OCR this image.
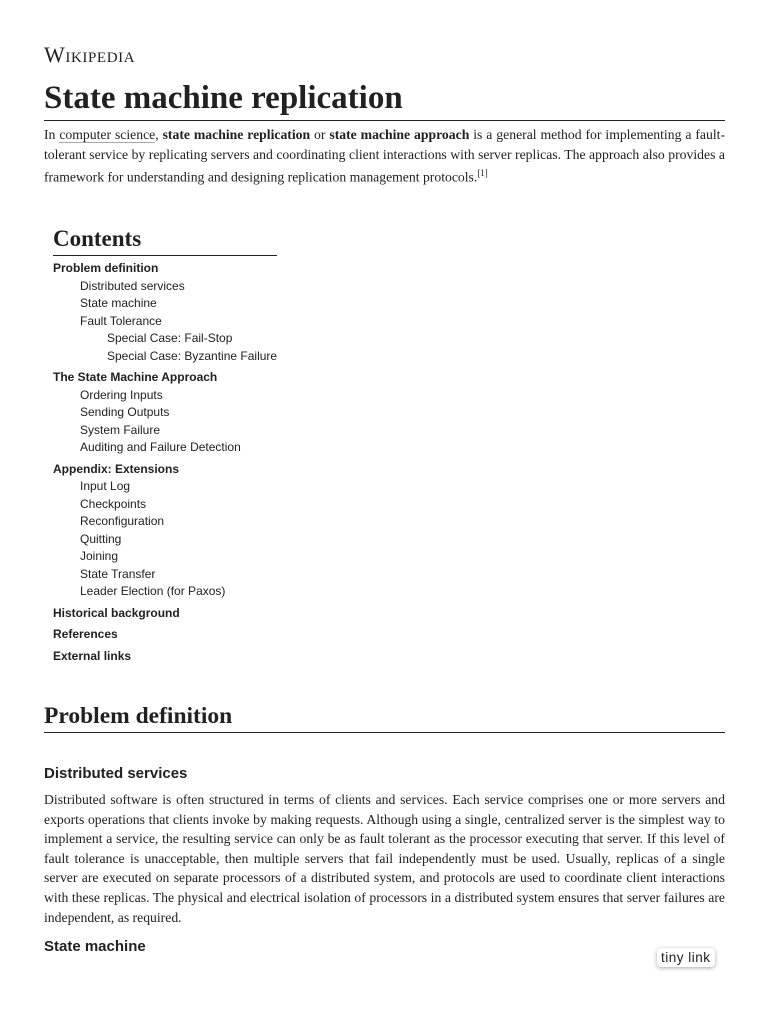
Wikipedia
State machine replication

In computer science, state machine replication or state machine approach is a general method for implementing a fault-tolerant service by replicating servers and coordinating client interactions with server replicas. The approach also provides a framework for understanding and designing replication management protocols.[1]

Contents
Problem definition
Distributed services
State machine
Fault Tolerance
Special Case: Fail-Stop
Special Case: Byzantine Failure
The State Machine Approach
Ordering Inputs
Sending Outputs
System Failure
Auditing and Failure Detection
Appendix: Extensions
Input Log
Checkpoints
Reconfiguration
Quitting
Joining
State Transfer
Leader Election (for Paxos)
Historical background
References
External links
Problem definition
Distributed services

Distributed software is often structured in terms of clients and services. Each service comprises one or more servers and exports operations that clients invoke by making requests. Although using a single, centralized server is the simplest way to implement a service, the resulting service can only be as fault tolerant as the processor executing that server. If this level of fault tolerance is unacceptable, then multiple servers that fail independently must be used. Usually, replicas of a single server are executed on separate processors of a distributed system, and protocols are used to coordinate client interactions with these replicas. The physical and electrical isolation of processors in a distributed system ensures that server failures are independent, as required.

State machine
tiny link
